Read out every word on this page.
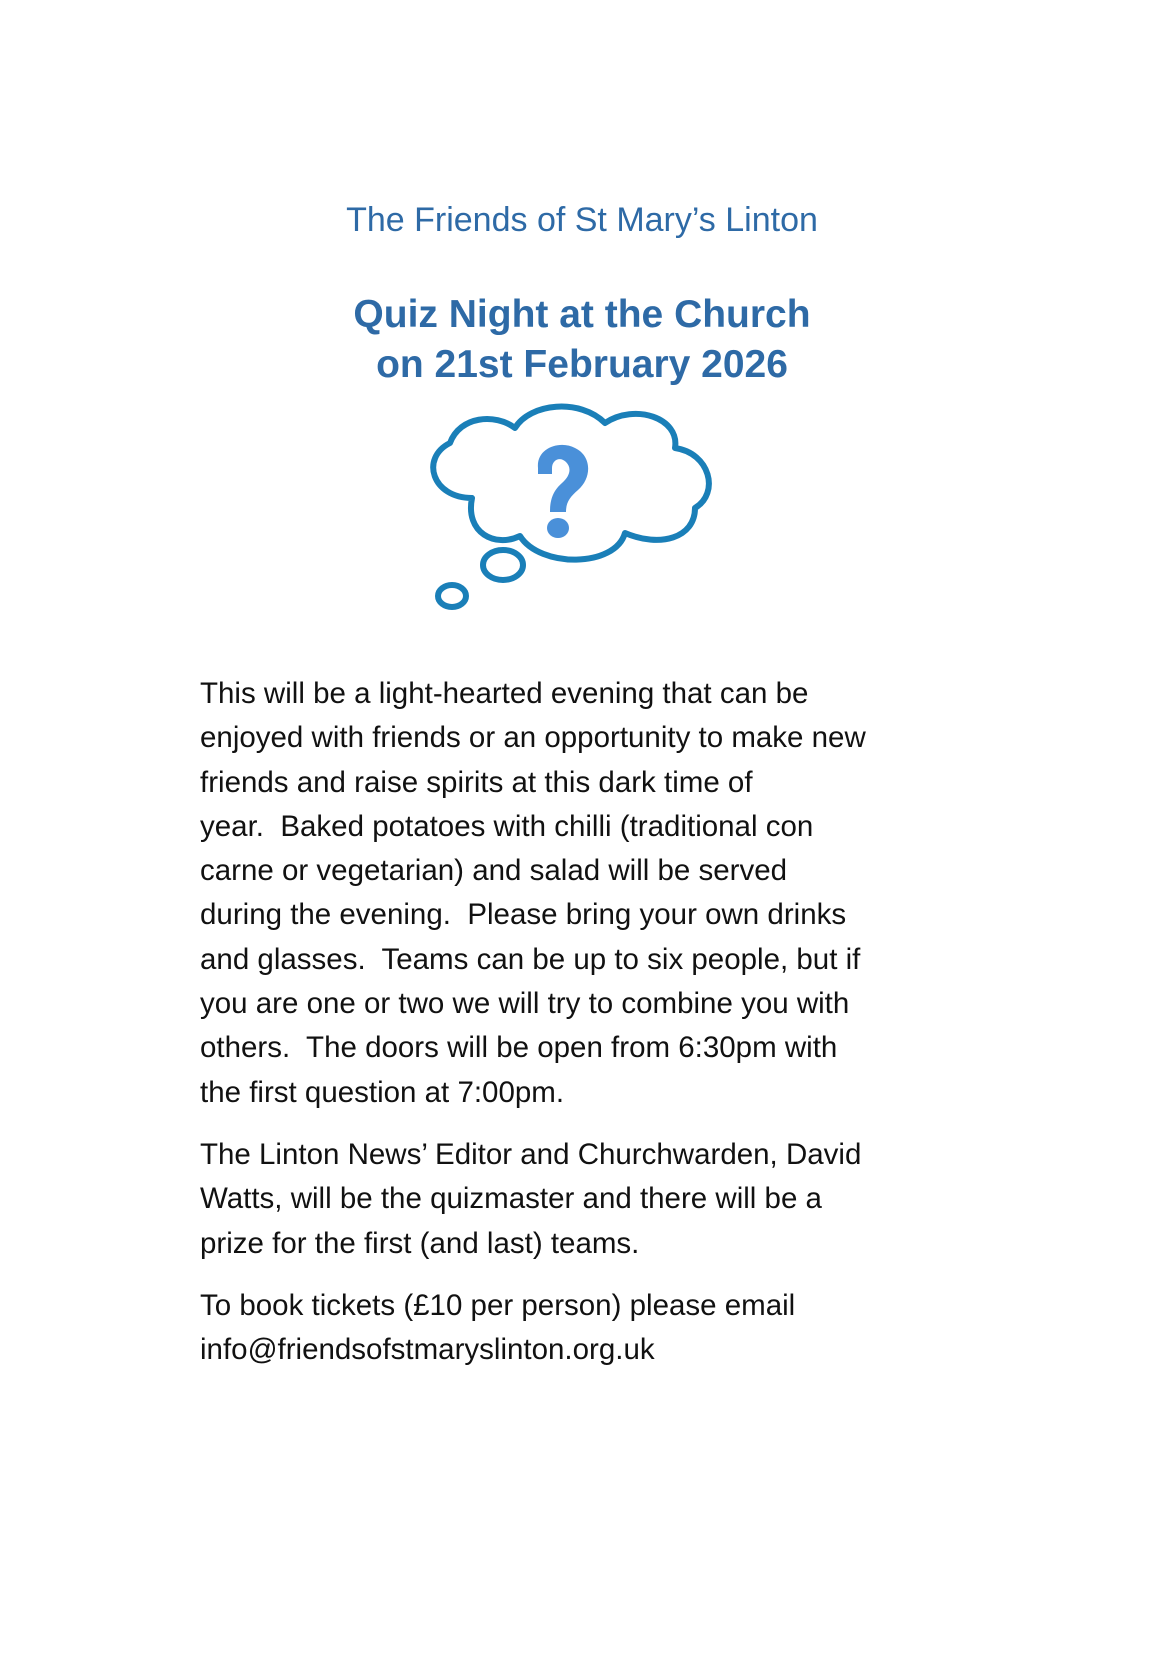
The Friends of St Mary’s Linton
Quiz Night at the Church
on 21st February 2026

This will be a light-hearted evening that can be
enjoyed with friends or an opportunity to make new
friends and raise spirits at this dark time of
year.  Baked potatoes with chilli (traditional con
carne or vegetarian) and salad will be served
during the evening.  Please bring your own drinks
and glasses.  Teams can be up to six people, but if
you are one or two we will try to combine you with
others.  The doors will be open from 6:30pm with
the first question at 7:00pm.

The Linton News’ Editor and Churchwarden, David
Watts, will be the quizmaster and there will be a
prize for the first (and last) teams.

To book tickets (£10 per person) please email
info@friendsofstmaryslinton.org.uk
